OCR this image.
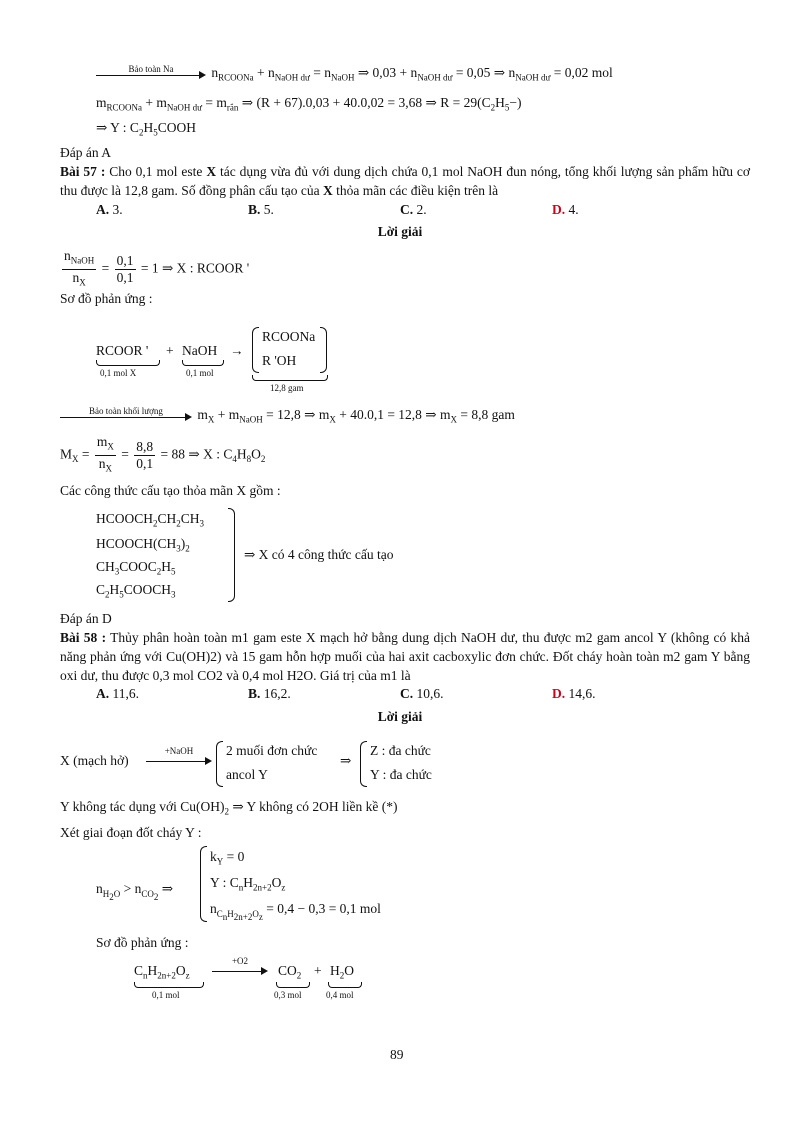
Bảo toàn Na	$n_{RCOONa} + n_{NaOH dư} = n_{NaOH}$ ⇒ $0,03 + n_{NaOH dư} = 0,05$ ⇒ $n_{NaOH dư} = 0,02$ mol
$m_{RCOONa} + m_{NaOH dư} = m_{rắn}$ ⇒ (R + 67).0,03 + 40.0,02 = 3,68 ⇒ $R = 29(C_2H_5-)$
⇒ Y : $C_2H_5COOH$
Đáp án A
Bài 57 : Cho 0,1 mol este X tác dụng vừa đủ với dung dịch chứa 0,1 mol NaOH đun nóng, tổng khối lượng sản phẩm hữu cơ thu được là 12,8 gam. Số đồng phân cấu tạo của X thỏa mãn các điều kiện trên là
A. 3.	B. 5.	C. 2.	D. 4.
Lời giải
$\frac{n_{NaOH}}{n_X} = \frac{0,1}{0,1} = 1$ ⇒ X : RCOOR '
Sơ đồ phản ứng :
RCOOR '
0,1 mol X
+ NaOH
0,1 mol
→
RCOONa
R 'OH
12,8 gam
Bảo toàn khối lượng	$m_X + m_{NaOH} = 12,8$ ⇒ $m_X + 40.0,1 = 12,8$ ⇒ $m_X = 8,8$ gam
$M_X = \frac{m_X}{n_X} = \frac{8,8}{0,1} = 88$ ⇒ X : $C_4H_8O_2$
Các công thức cấu tạo thỏa mãn X gồm :
$HCOOCH_2CH_2CH_3$
$HCOOCH(CH_3)_2$
$CH_3COOC_2H_5$
$C_2H_5COOCH_3$
⇒ X có 4 công thức cấu tạo
Đáp án D
Bài 58 : Thủy phân hoàn toàn m1 gam este X mạch hở bằng dung dịch NaOH dư, thu được m2 gam ancol Y (không có khả năng phản ứng với Cu(OH)2) và 15 gam hỗn hợp muối của hai axit cacboxylic đơn chức. Đốt cháy hoàn toàn m2 gam Y bằng oxi dư, thu được 0,3 mol CO2 và 0,4 mol H2O. Giá trị của m1 là
A. 11,6.	B. 16,2.	C. 10,6.	D. 14,6.
Lời giải
X (mạch hở)
+NaOH	2 muối đơn chức
ancol Y
⇒
Z : đa chức
Y : đa chức
Y không tác dụng với $Cu(OH)_2$ ⇒ Y không có 2OH liền kề (*)
Xét giai đoạn đốt cháy Y :
$n_{H_2O} > n_{CO_2}$ ⇒
$k_Y = 0$
Y : $C_nH_{2n+2}O_z$
$n_{C_nH_{2n+2}O_z} = 0,4 - 0,3 = 0,1$ mol
Sơ đồ phản ứng :
$C_nH_{2n+2}O_z$
0,1 mol
+O2
$CO_2$
0,3 mol
+ $H_2O$
0,4 mol
89
